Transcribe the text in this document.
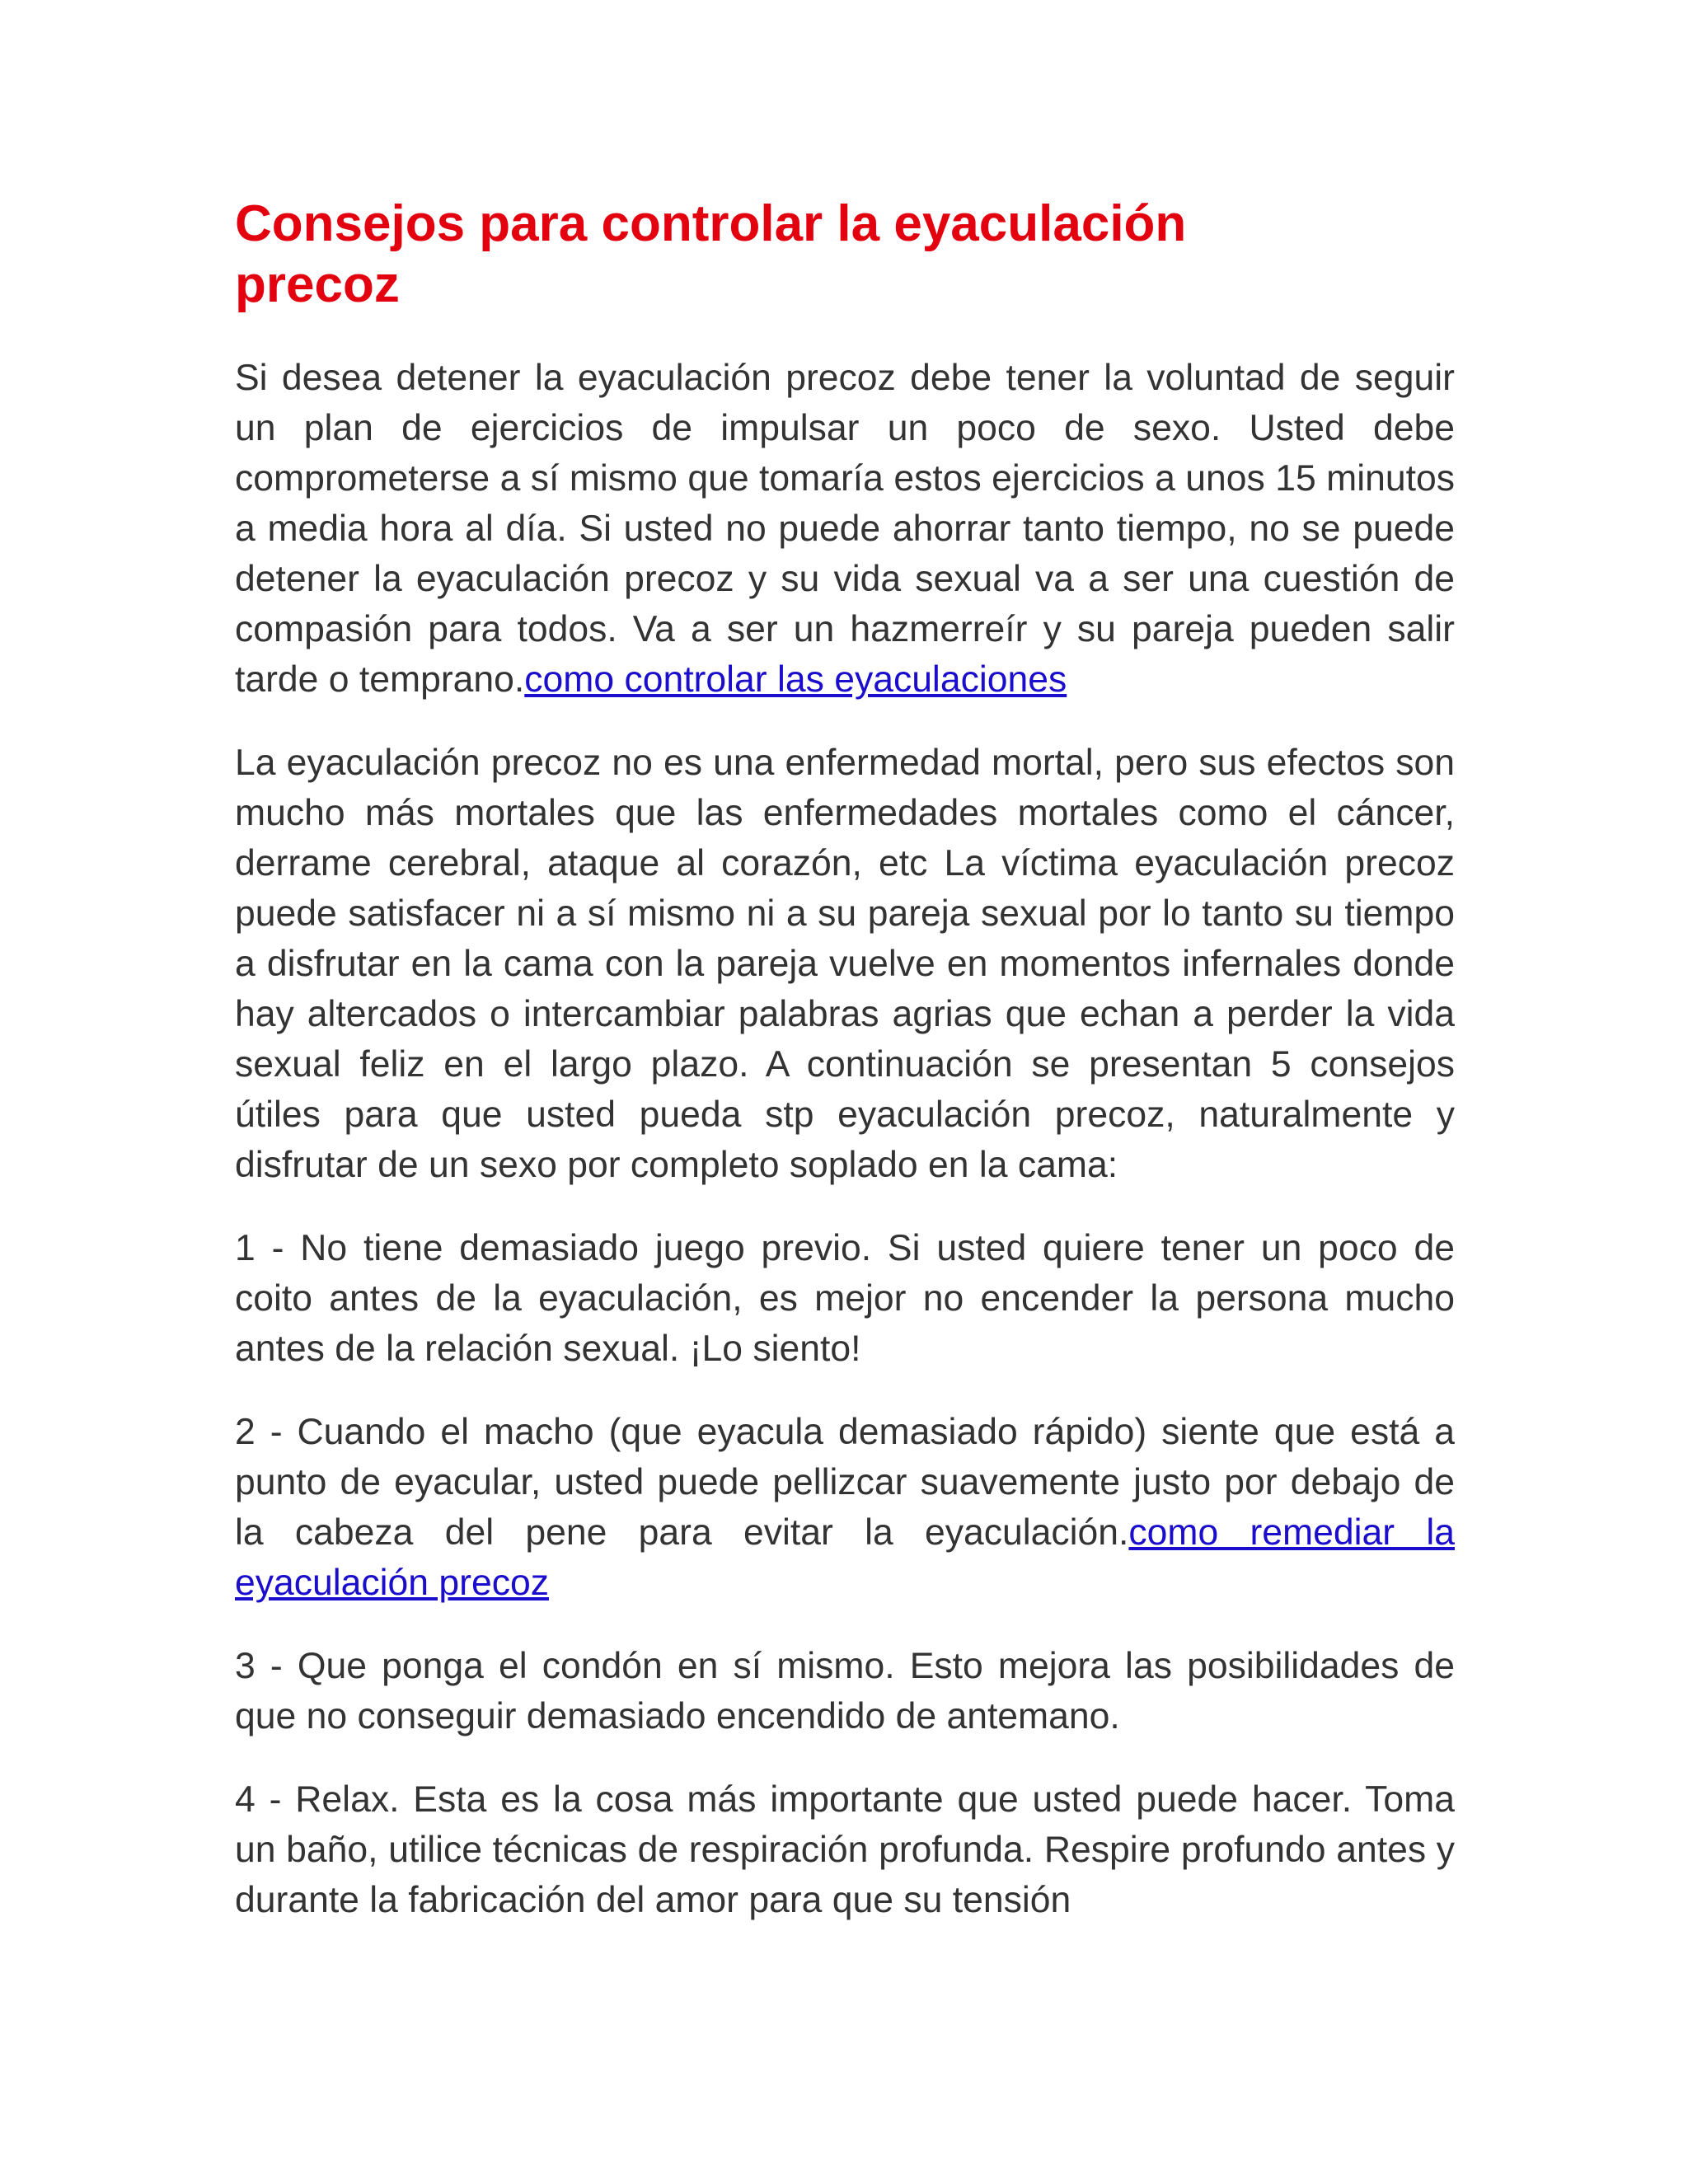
Consejos para controlar la eyaculación precoz

Si desea detener la eyaculación precoz debe tener la voluntad de seguir un plan de ejercicios de impulsar un poco de sexo. Usted debe comprometerse a sí mismo que tomaría estos ejercicios a unos 15 minutos a media hora al día. Si usted no puede ahorrar tanto tiempo, no se puede detener la eyaculación precoz y su vida sexual va a ser una cuestión de compasión para todos. Va a ser un hazmerreír y su pareja pueden salir tarde o temprano.como controlar las eyaculaciones

La eyaculación precoz no es una enfermedad mortal, pero sus efectos son mucho más mortales que las enfermedades mortales como el cáncer, derrame cerebral, ataque al corazón, etc La víctima eyaculación precoz puede satisfacer ni a sí mismo ni a su pareja sexual por lo tanto su tiempo a disfrutar en la cama con la pareja vuelve en momentos infernales donde hay altercados o intercambiar palabras agrias que echan a perder la vida sexual feliz en el largo plazo. A continuación se presentan 5 consejos útiles para que usted pueda stp eyaculación precoz, naturalmente y disfrutar de un sexo por completo soplado en la cama:

1 - No tiene demasiado juego previo. Si usted quiere tener un poco de coito antes de la eyaculación, es mejor no encender la persona mucho antes de la relación sexual. ¡Lo siento!

2 - Cuando el macho (que eyacula demasiado rápido) siente que está a punto de eyacular, usted puede pellizcar suavemente justo por debajo de la cabeza del pene para evitar la eyaculación.como remediar la eyaculación precoz

3 - Que ponga el condón en sí mismo. Esto mejora las posibilidades de que no conseguir demasiado encendido de antemano.

4 - Relax. Esta es la cosa más importante que usted puede hacer. Toma un baño, utilice técnicas de respiración profunda. Respire profundo antes y durante la fabricación del amor para que su tensión
